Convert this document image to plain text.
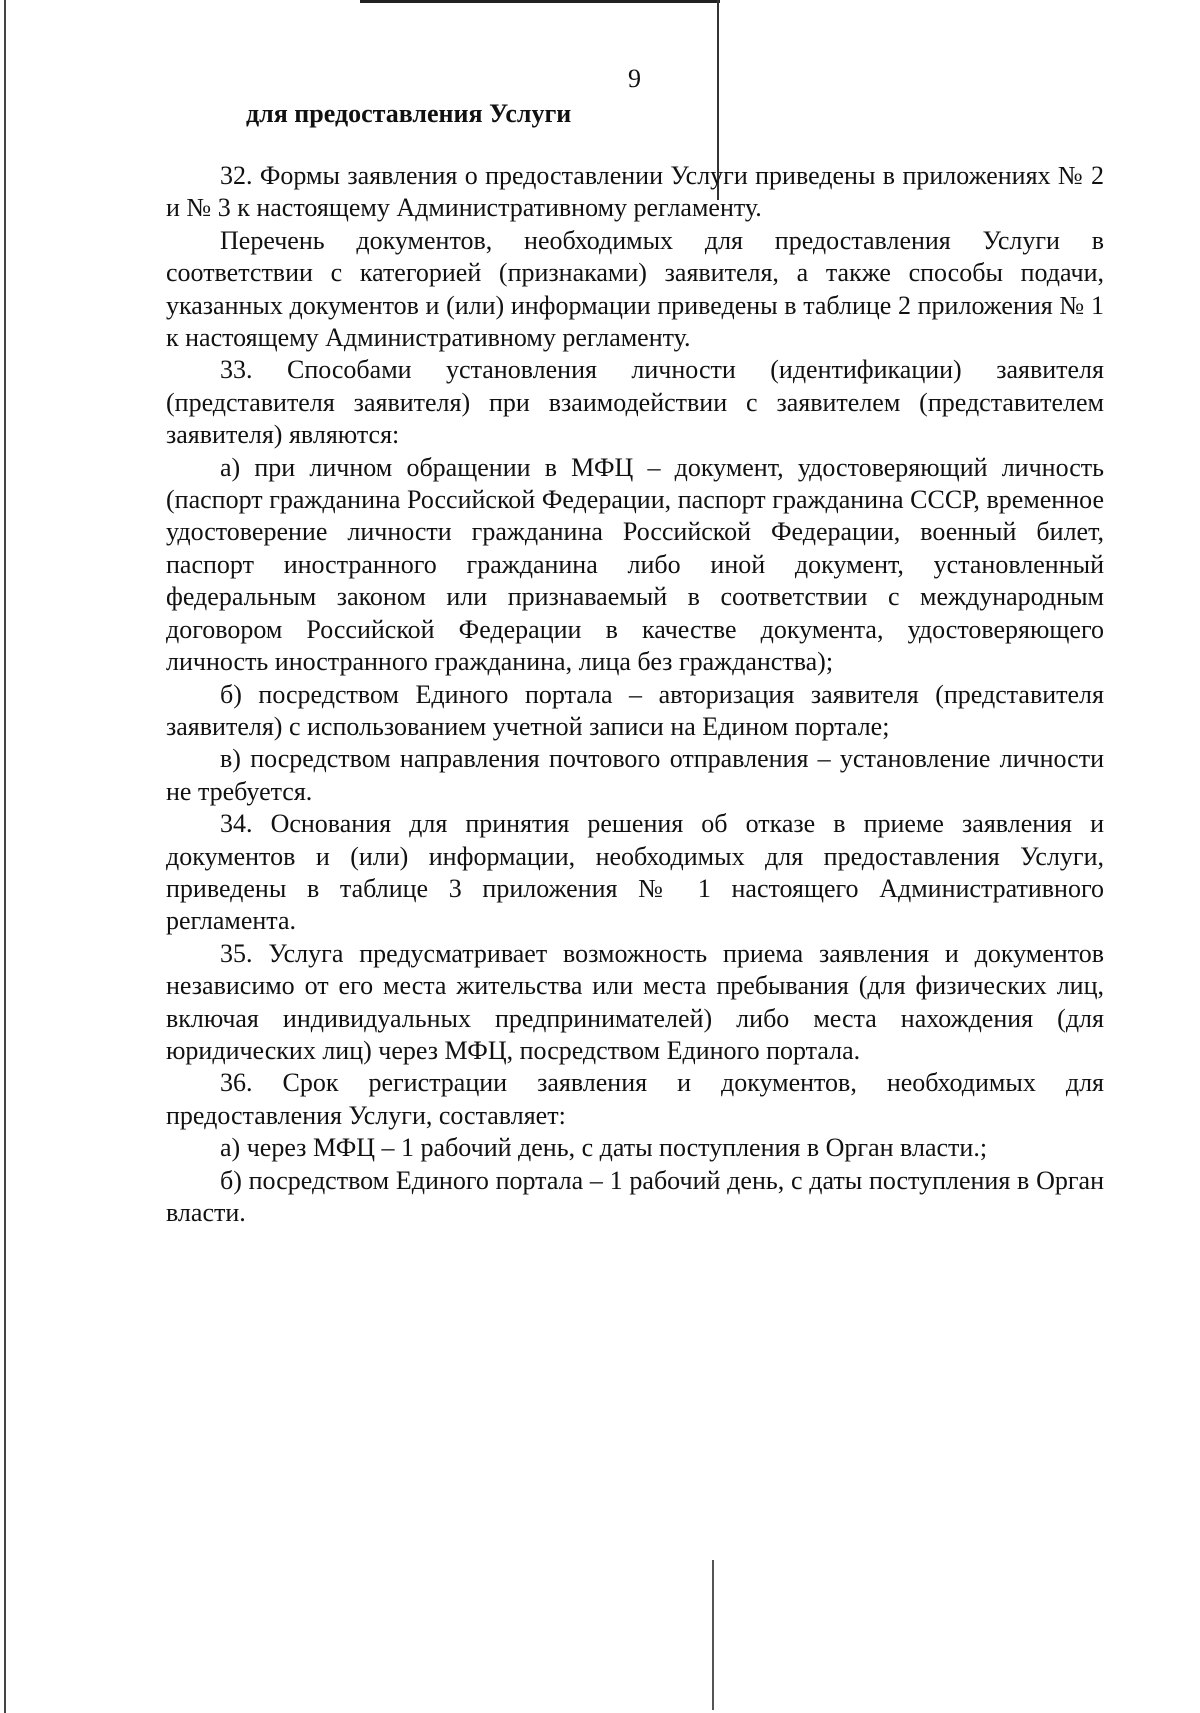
9
для предоставления Услуги

32. Формы заявления о предоставлении Услуги приведены в приложениях № 2 и № 3 к настоящему Административному регламенту.

Перечень документов, необходимых для предоставления Услуги в соответствии с категорией (признаками) заявителя, а также способы подачи, указанных документов и (или) информации приведены в таблице 2 приложения № 1 к настоящему Административному регламенту.

33. Способами установления личности (идентификации) заявителя (представителя заявителя) при взаимодействии с заявителем (представителем заявителя) являются:

а) при личном обращении в МФЦ – документ, удостоверяющий личность (паспорт гражданина Российской Федерации, паспорт гражданина СССР, временное удостоверение личности гражданина Российской Федерации, военный билет, паспорт иностранного гражданина либо иной документ, установленный федеральным законом или признаваемый в соответствии с международным договором Российской Федерации в качестве документа, удостоверяющего личность иностранного гражданина, лица без гражданства);

б) посредством Единого портала – авторизация заявителя (представителя заявителя) с использованием учетной записи на Едином портале;

в) посредством направления почтового отправления – установление личности не требуется.

34. Основания для принятия решения об отказе в приеме заявления и документов и (или) информации, необходимых для предоставления Услуги, приведены в таблице 3 приложения № 1 настоящего Административного регламента.

35. Услуга предусматривает возможность приема заявления и документов независимо от его места жительства или места пребывания (для физических лиц, включая индивидуальных предпринимателей) либо места нахождения (для юридических лиц) через МФЦ, посредством Единого портала.

36. Срок регистрации заявления и документов, необходимых для предоставления Услуги, составляет:

а) через МФЦ – 1 рабочий день, с даты поступления в Орган власти.;

б) посредством Единого портала – 1 рабочий день, с даты поступления в Орган власти.
